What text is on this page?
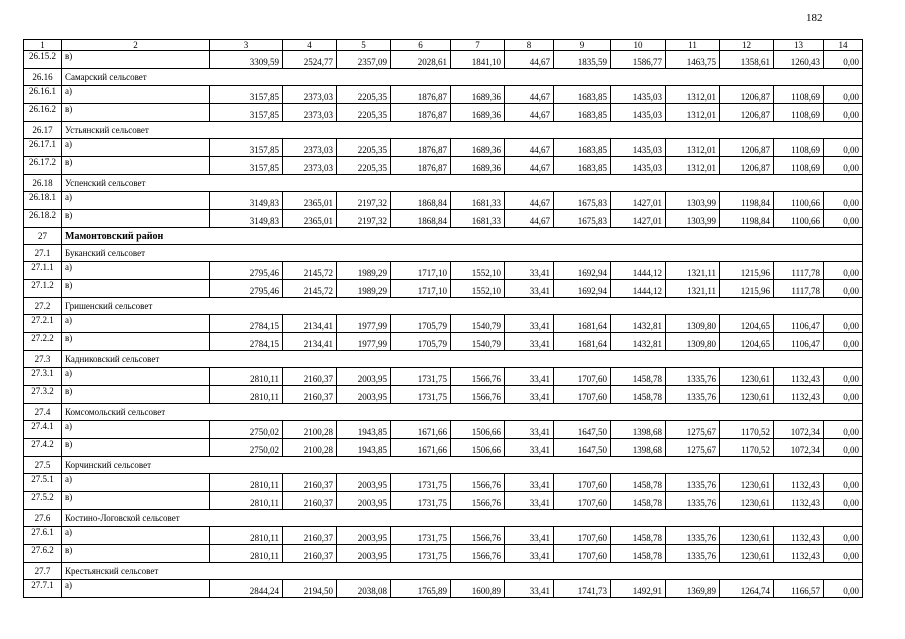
182
1	2	3	4	5	6	7	8	9	10	11	12	13	14
26.15.2	в)	3309,59	2524,77	2357,09	2028,61	1841,10	44,67	1835,59	1586,77	1463,75	1358,61	1260,43	0,00
26.16	Самарский сельсовет												
26.16.1	а)	3157,85	2373,03	2205,35	1876,87	1689,36	44,67	1683,85	1435,03	1312,01	1206,87	1108,69	0,00
26.16.2	в)	3157,85	2373,03	2205,35	1876,87	1689,36	44,67	1683,85	1435,03	1312,01	1206,87	1108,69	0,00
26.17	Устьянский сельсовет												
26.17.1	а)	3157,85	2373,03	2205,35	1876,87	1689,36	44,67	1683,85	1435,03	1312,01	1206,87	1108,69	0,00
26.17.2	в)	3157,85	2373,03	2205,35	1876,87	1689,36	44,67	1683,85	1435,03	1312,01	1206,87	1108,69	0,00
26.18	Успенский сельсовет												
26.18.1	а)	3149,83	2365,01	2197,32	1868,84	1681,33	44,67	1675,83	1427,01	1303,99	1198,84	1100,66	0,00
26.18.2	в)	3149,83	2365,01	2197,32	1868,84	1681,33	44,67	1675,83	1427,01	1303,99	1198,84	1100,66	0,00
27	Мамонтовский район												
27.1	Буканский сельсовет												
27.1.1	а)	2795,46	2145,72	1989,29	1717,10	1552,10	33,41	1692,94	1444,12	1321,11	1215,96	1117,78	0,00
27.1.2	в)	2795,46	2145,72	1989,29	1717,10	1552,10	33,41	1692,94	1444,12	1321,11	1215,96	1117,78	0,00
27.2	Гришенский сельсовет												
27.2.1	а)	2784,15	2134,41	1977,99	1705,79	1540,79	33,41	1681,64	1432,81	1309,80	1204,65	1106,47	0,00
27.2.2	в)	2784,15	2134,41	1977,99	1705,79	1540,79	33,41	1681,64	1432,81	1309,80	1204,65	1106,47	0,00
27.3	Кадниковский сельсовет												
27.3.1	а)	2810,11	2160,37	2003,95	1731,75	1566,76	33,41	1707,60	1458,78	1335,76	1230,61	1132,43	0,00
27.3.2	в)	2810,11	2160,37	2003,95	1731,75	1566,76	33,41	1707,60	1458,78	1335,76	1230,61	1132,43	0,00
27.4	Комсомольский сельсовет												
27.4.1	а)	2750,02	2100,28	1943,85	1671,66	1506,66	33,41	1647,50	1398,68	1275,67	1170,52	1072,34	0,00
27.4.2	в)	2750,02	2100,28	1943,85	1671,66	1506,66	33,41	1647,50	1398,68	1275,67	1170,52	1072,34	0,00
27.5	Корчинский сельсовет												
27.5.1	а)	2810,11	2160,37	2003,95	1731,75	1566,76	33,41	1707,60	1458,78	1335,76	1230,61	1132,43	0,00
27.5.2	в)	2810,11	2160,37	2003,95	1731,75	1566,76	33,41	1707,60	1458,78	1335,76	1230,61	1132,43	0,00
27.6	Костино-Логовской сельсовет												
27.6.1	а)	2810,11	2160,37	2003,95	1731,75	1566,76	33,41	1707,60	1458,78	1335,76	1230,61	1132,43	0,00
27.6.2	в)	2810,11	2160,37	2003,95	1731,75	1566,76	33,41	1707,60	1458,78	1335,76	1230,61	1132,43	0,00
27.7	Крестьянский сельсовет												
27.7.1	а)	2844,24	2194,50	2038,08	1765,89	1600,89	33,41	1741,73	1492,91	1369,89	1264,74	1166,57	0,00
